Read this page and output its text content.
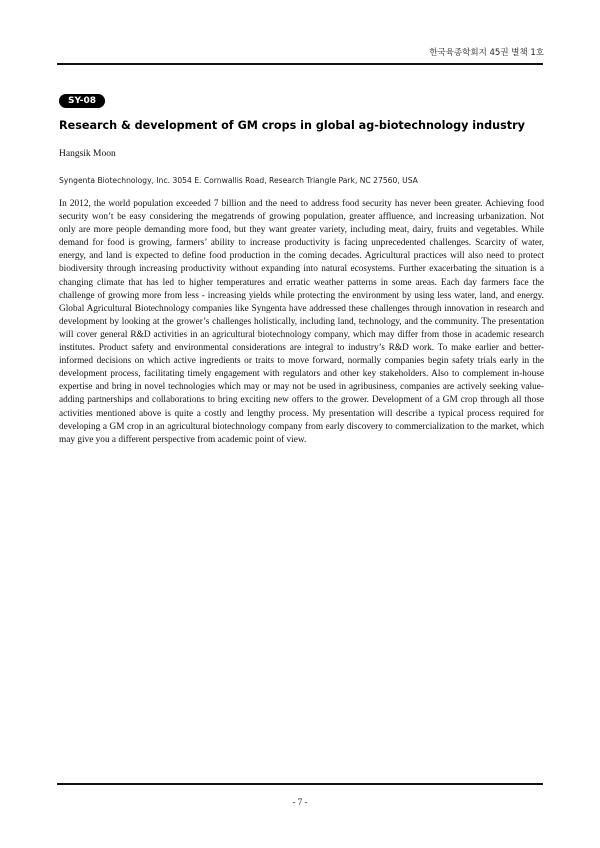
한국육종학회지 45권 별책 1호
SY-08
Research & development of GM crops in global ag-biotechnology industry
Hangsik Moon
Syngenta Biotechnology, Inc. 3054 E. Cornwallis Road, Research Triangle Park, NC 27560, USA

In 2012, the world population exceeded 7 billion and the need to address food security has never been greater. Achieving food security won’t be easy considering the megatrends of growing population, greater affluence, and increasing urbanization. Not only are more people demanding more food, but they want greater variety, including meat, dairy, fruits and vegetables. While demand for food is growing, farmers’ ability to increase productivity is facing unprecedented challenges. Scarcity of water, energy, and land is expected to define food production in the coming decades. Agricultural practices will also need to protect biodiversity through increasing productivity without expanding into natural ecosystems. Further exacerbating the situation is a changing climate that has led to higher temperatures and erratic weather patterns in some areas. Each day farmers face the challenge of growing more from less - increasing yields while protecting the environment by using less water, land, and energy. Global Agricultural Biotechnology companies like Syngenta have addressed these challenges through innovation in research and development by looking at the grower’s challenges holistically, including land, technology, and the community. The presentation will cover general R&D activities in an agricultural biotechnology company, which may differ from those in academic research institutes. Product safety and environmental considerations are integral to industry’s R&D work. To make earlier and better-informed decisions on which active ingredients or traits to move forward, normally companies begin safety trials early in the development process, facilitating timely engagement with regulators and other key stakeholders. Also to complement in-house expertise and bring in novel technologies which may or may not be used in agribusiness, companies are actively seeking value-adding partnerships and collaborations to bring exciting new offers to the grower. Development of a GM crop through all those activities mentioned above is quite a costly and lengthy process. My presentation will describe a typical process required for developing a GM crop in an agricultural biotechnology company from early discovery to commercialization to the market, which may give you a different perspective from academic point of view.

- 7 -
